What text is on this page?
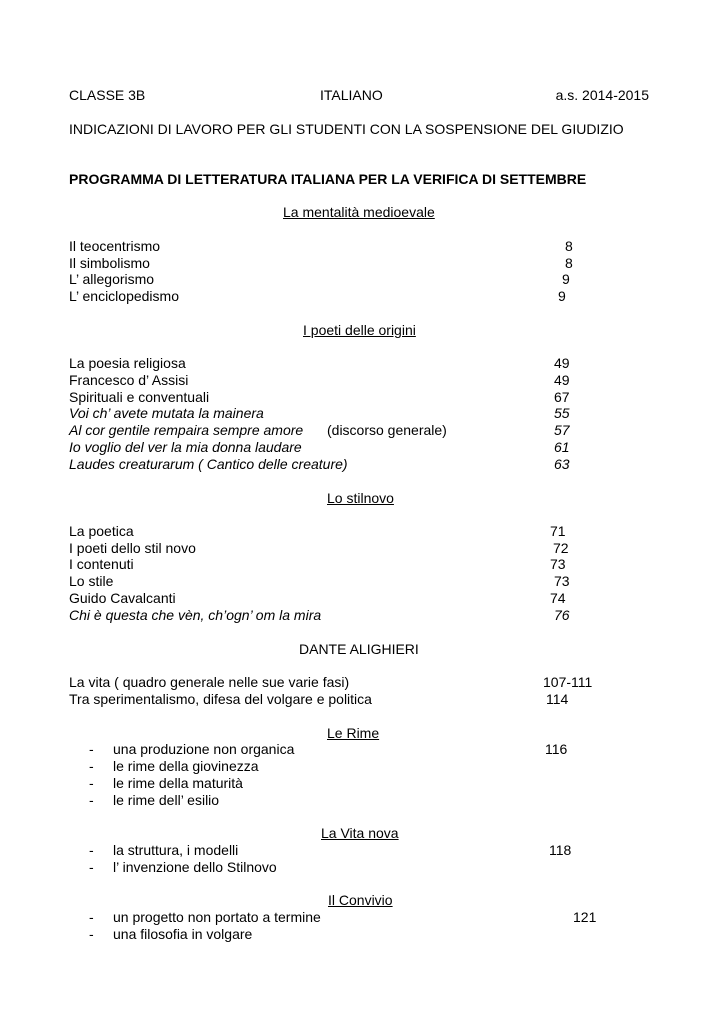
CLASSE 3B	ITALIANO	a.s. 2014-2015
INDICAZIONI DI LAVORO PER GLI STUDENTI CON LA SOSPENSIONE DEL GIUDIZIO
PROGRAMMA DI LETTERATURA ITALIANA PER LA VERIFICA DI SETTEMBRE
La mentalità medioevale
Il teocentrismo	8
Il simbolismo	8
L’ allegorismo	9
L’ enciclopedismo	9
I poeti delle origini
La poesia religiosa	49
Francesco d’ Assisi	49
Spirituali e conventuali	67
Voi ch’ avete mutata la mainera	55
Al cor gentile rempaira sempre amore (discorso generale)	57
Io voglio del ver la mia donna laudare	61
Laudes creaturarum ( Cantico delle creature)	63
Lo stilnovo
La poetica	71
I poeti dello stil novo	72
I contenuti	73
Lo stile	73
Guido Cavalcanti	74
Chi è questa che vèn, ch’ogn’ om la mira	76
DANTE ALIGHIERI
La vita ( quadro generale nelle sue varie fasi)	107-111
Tra sperimentalismo, difesa del volgare e politica	114
Le Rime
- una produzione non organica	116
- le rime della giovinezza
- le rime della maturità
- le rime dell’ esilio
La Vita nova
- la struttura, i modelli	118
- l’ invenzione dello Stilnovo
Il Convivio
- un progetto non portato a termine	121
- una filosofia in volgare
